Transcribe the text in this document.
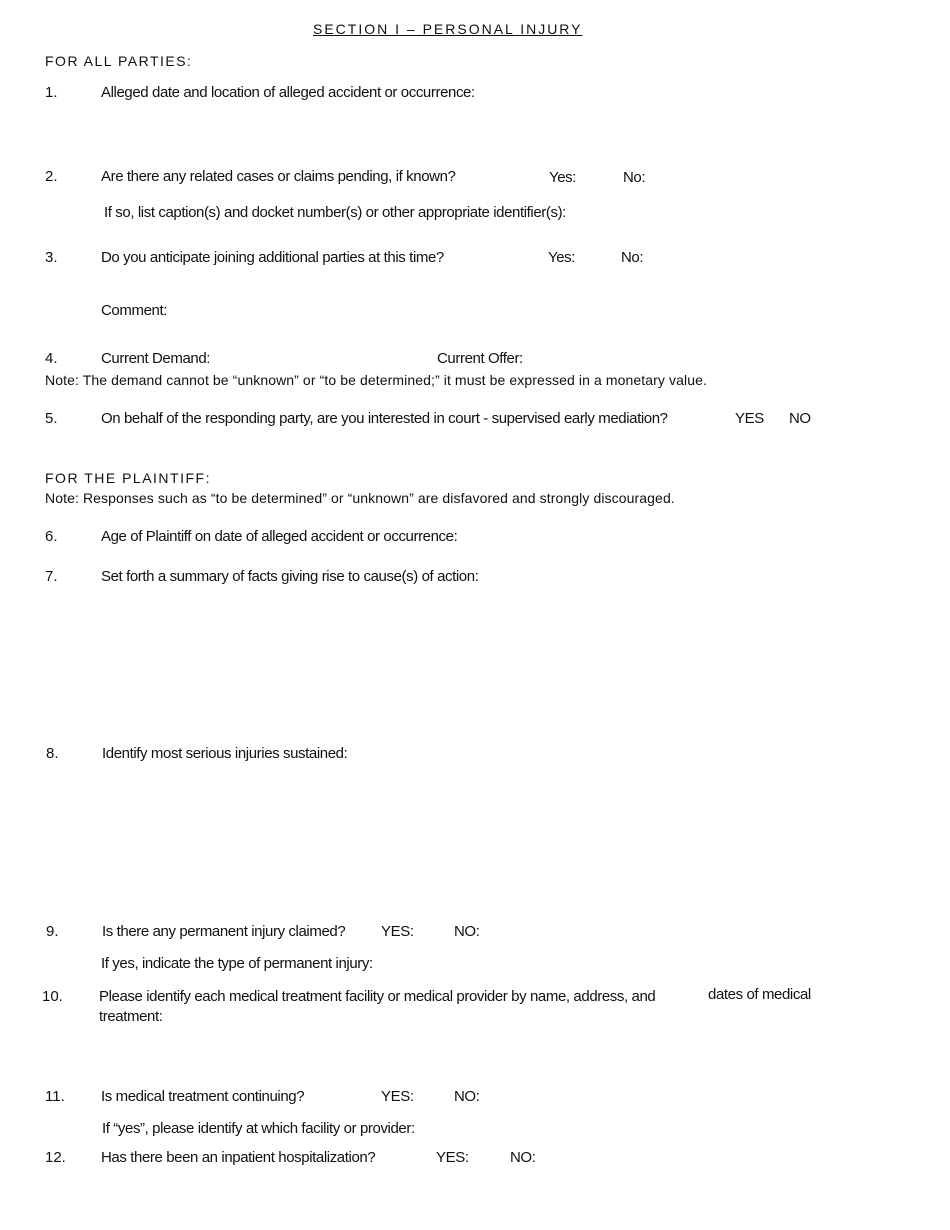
SECTION I – PERSONAL INJURY
FOR ALL PARTIES:
1.	Alleged date and location of alleged accident or occurrence:
2.	Are there any related cases or claims pending, if known?	Yes:	No:
If so, list caption(s) and docket number(s) or other appropriate identifier(s):
3.	Do you anticipate joining additional parties at this time?	Yes:	No:
Comment:
4.	Current Demand:	Current Offer:
Note: The demand cannot be “unknown” or “to be determined;” it must be expressed in a monetary value.
5.	On behalf of the responding party, are you interested in court - supervised early mediation?	YES NO
FOR THE PLAINTIFF:
Note: Responses such as “to be determined” or “unknown” are disfavored and strongly discouraged.
6.	Age of Plaintiff on date of alleged accident or occurrence:
7.	Set forth a summary of facts giving rise to cause(s) of action:
8.	Identify most serious injuries sustained:
9.	Is there any permanent injury claimed? YES:	NO:
If yes, indicate the type of permanent injury:
10. Please identify each medical treatment facility or medical provider by name, address, and	dates of medical
treatment:
11. Is medical treatment continuing?	YES:	NO:
If “yes”, please identify at which facility or provider:
12. Has there been an inpatient hospitalization?	YES:	NO:
